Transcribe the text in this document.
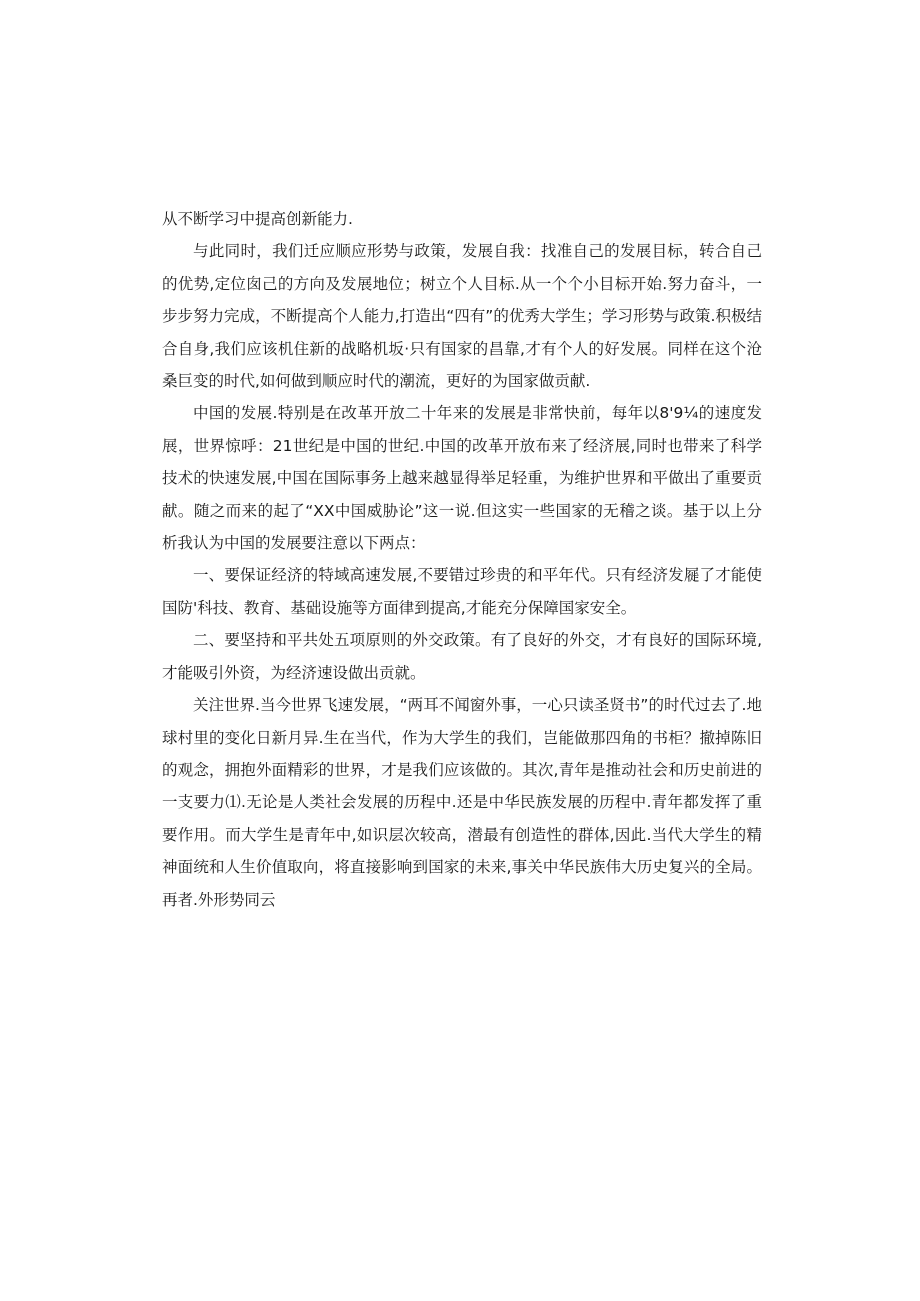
从不断学习中提高创新能力.

与此同时，我们迁应顺应形势与政策，发展自我：找准自己的发展目标，转合自己的优势,定位囱己的方向及发展地位；树立个人目标.从一个个小目标开始.努力奋斗，一步步努力完成，不断提高个人能力,打造出“四有”的优秀大学生；学习形势与政策.积极结合自身,我们应该机住新的战略机坂·只有国家的昌靠,才有个人的好发展。同样在这个沧桑巨变的时代,如何做到顺应时代的潮流，更好的为国家做贡献.

中国的发展.特别是在改革开放二十年来的发展是非常快前，每年以8'9¼的速度发展，世界惊呼：21世纪是中国的世纪.中国的改革开放布来了经济展,同时也带来了科学技术的快速发展,中国在国际事务上越来越显得举足轻重，为维护世界和平做出了重要贡献。随之而来的起了“XX中国威胁论”这一说.但这实一些国家的无稽之谈。基于以上分析我认为中国的发展要注意以下两点：

一、要保证经济的特域高速发展,不要错过珍贵的和平年代。只有经济发屣了才能使国防'科技、教育、基础设施等方面律到提高,才能充分保障国家安全。

二、要坚持和平共处五项原则的外交政策。有了良好的外交，才有良好的国际环境,才能吸引外资，为经济速设做出贡就。

关注世界.当今世界飞速发展，“两耳不闻窗外事，一心只读圣贤书”的时代过去了.地球村里的变化日新月异.生在当代，作为大学生的我们，岂能做那四角的书柜？撤掉陈旧的观念，拥抱外面精彩的世界，才是我们应该做的。其次,青年是推动社会和历史前进的一支要力⑴.无论是人类社会发展的历程中.还是中华民族发展的历程中.青年都发挥了重要作用。而大学生是青年中,如识层次较高，潜最有创造性的群体,因此.当代大学生的精神面统和人生价值取向，将直接影响到国家的未来,事关中华民族伟大历史复兴的全局。再者.外形势同云
